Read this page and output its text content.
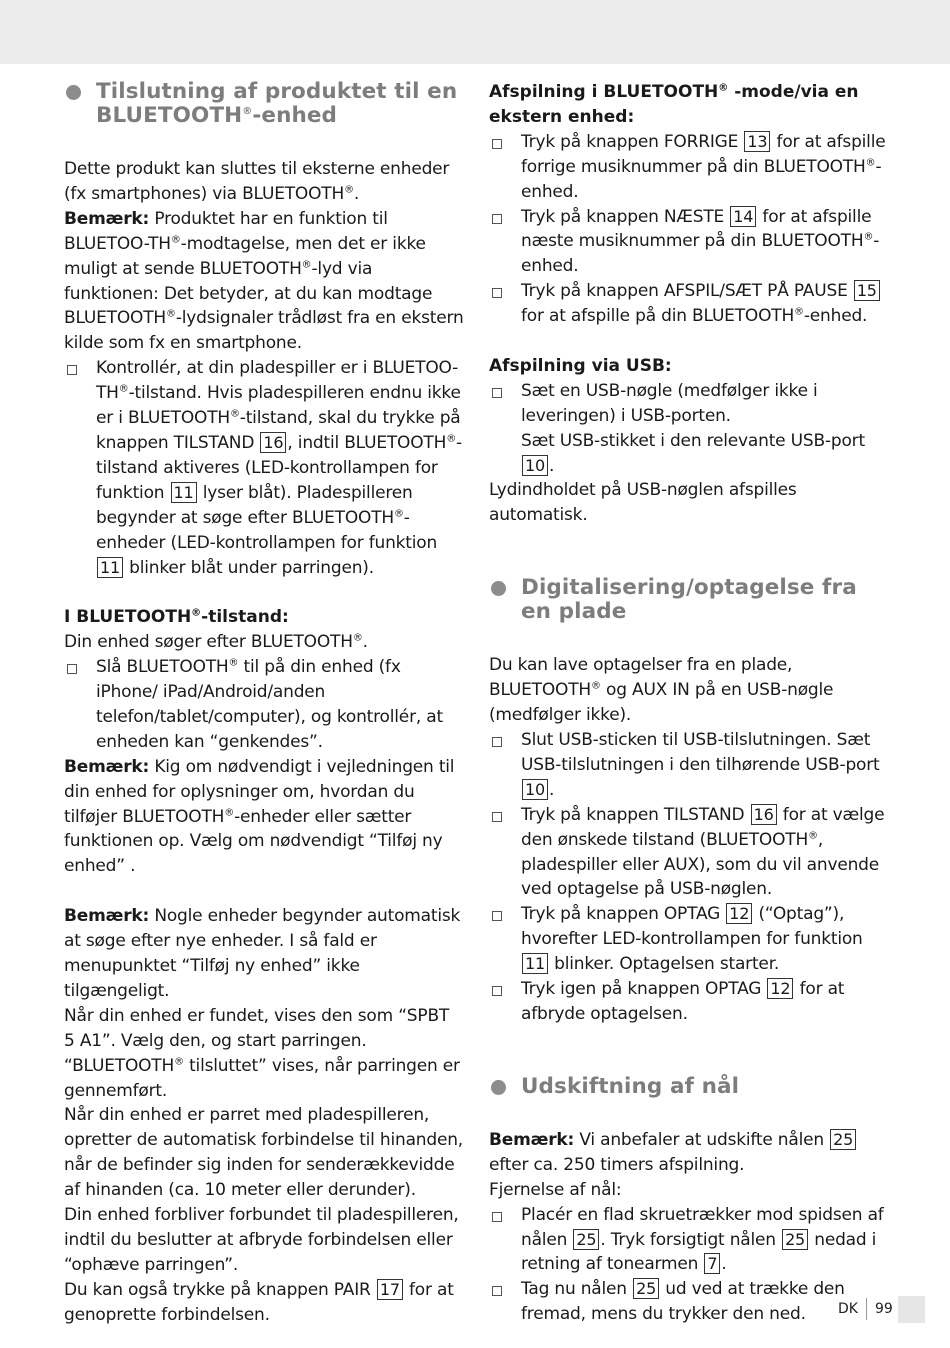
Tilslutning af produktet til en
BLUETOOTH®-enhed

Dette produkt kan sluttes til eksterne enheder (fx smartphones) via BLUETOOTH®.

Bemærk: Produktet har en funktion til BLUETOO-TH®-modtagelse, men det er ikke muligt at sende BLUETOOTH®-lyd via funktionen: Det betyder, at du kan modtage BLUETOOTH®-lydsignaler trådløst fra en ekstern kilde som fx en smartphone.

Kontrollér, at din pladespiller er i BLUETOO-TH®-tilstand. Hvis pladespilleren endnu ikke er i BLUETOOTH®-tilstand, skal du trykke på knappen TILSTAND 16 , indtil BLUETOOTH®-tilstand aktiveres (LED-kontrollampen for funktion 11 lyser blåt). Pladespilleren begynder at søge efter BLUETOOTH®-enheder (LED-kontrollampen for funktion 11 blinker blåt under parringen).

I BLUETOOTH®-tilstand:

Din enhed søger efter BLUETOOTH®.

Slå BLUETOOTH® til på din enhed (fx iPhone/ iPad/Android/anden telefon/tablet/computer), og kontrollér, at enheden kan “genkendes”.

Bemærk: Kig om nødvendigt i vejledningen til din enhed for oplysninger om, hvordan du tilføjer BLUETOOTH®-enheder eller sætter funktionen op. Vælg om nødvendigt “Tilføj ny enhed” .

Bemærk: Nogle enheder begynder automatisk at søge efter nye enheder. I så fald er menupunktet “Tilføj ny enhed” ikke tilgængeligt.

Når din enhed er fundet, vises den som “SPBT 5 A1”. Vælg den, og start parringen.

“BLUETOOTH® tilsluttet” vises, når parringen er gennemført.

Når din enhed er parret med pladespilleren, opretter de automatisk forbindelse til hinanden, når de befinder sig inden for senderækkevidde af hinanden (ca. 10 meter eller derunder).

Din enhed forbliver forbundet til pladespilleren, indtil du beslutter at afbryde forbindelsen eller “ophæve parringen”.

Du kan også trykke på knappen PAIR 17 for at genoprette forbindelsen.

Afspilning i BLUETOOTH® -mode/via en ekstern enhed:

Tryk på knappen FORRIGE 13 for at afspille forrige musiknummer på din BLUETOOTH®-enhed.

Tryk på knappen NÆSTE 14 for at afspille næste musiknummer på din BLUETOOTH®-enhed.

Tryk på knappen AFSPIL/SÆT PÅ PAUSE 15 for at afspille på din BLUETOOTH®-enhed.

Afspilning via USB:

Sæt en USB-nøgle (medfølger ikke i leveringen) i USB-porten.

Sæt USB-stikket i den relevante USB-port 10 .

Lydindholdet på USB-nøglen afspilles automatisk.

Digitalisering/optagelse fra en plade

Du kan lave optagelser fra en plade, BLUETOOTH® og AUX IN på en USB-nøgle (medfølger ikke).

Slut USB-sticken til USB-tilslutningen. Sæt USB-tilslutningen i den tilhørende USB-port 10 .

Tryk på knappen TILSTAND 16 for at vælge den ønskede tilstand (BLUETOOTH®, pladespiller eller AUX), som du vil anvende ved optagelse på USB-nøglen.

Tryk på knappen OPTAG 12 (“Optag”), hvorefter LED-kontrollampen for funktion 11 blinker. Optagelsen starter.

Tryk igen på knappen OPTAG 12 for at afbryde optagelsen.

Udskiftning af nål

Bemærk: Vi anbefaler at udskifte nålen 25 efter ca. 250 timers afspilning.

Fjernelse af nål:

Placér en flad skruetrækker mod spidsen af nålen 25 . Tryk forsigtigt nålen 25 nedad i retning af tonearmen 7 .

Tag nu nålen 25 ud ved at trække den fremad, mens du trykker den ned.	DK 99
